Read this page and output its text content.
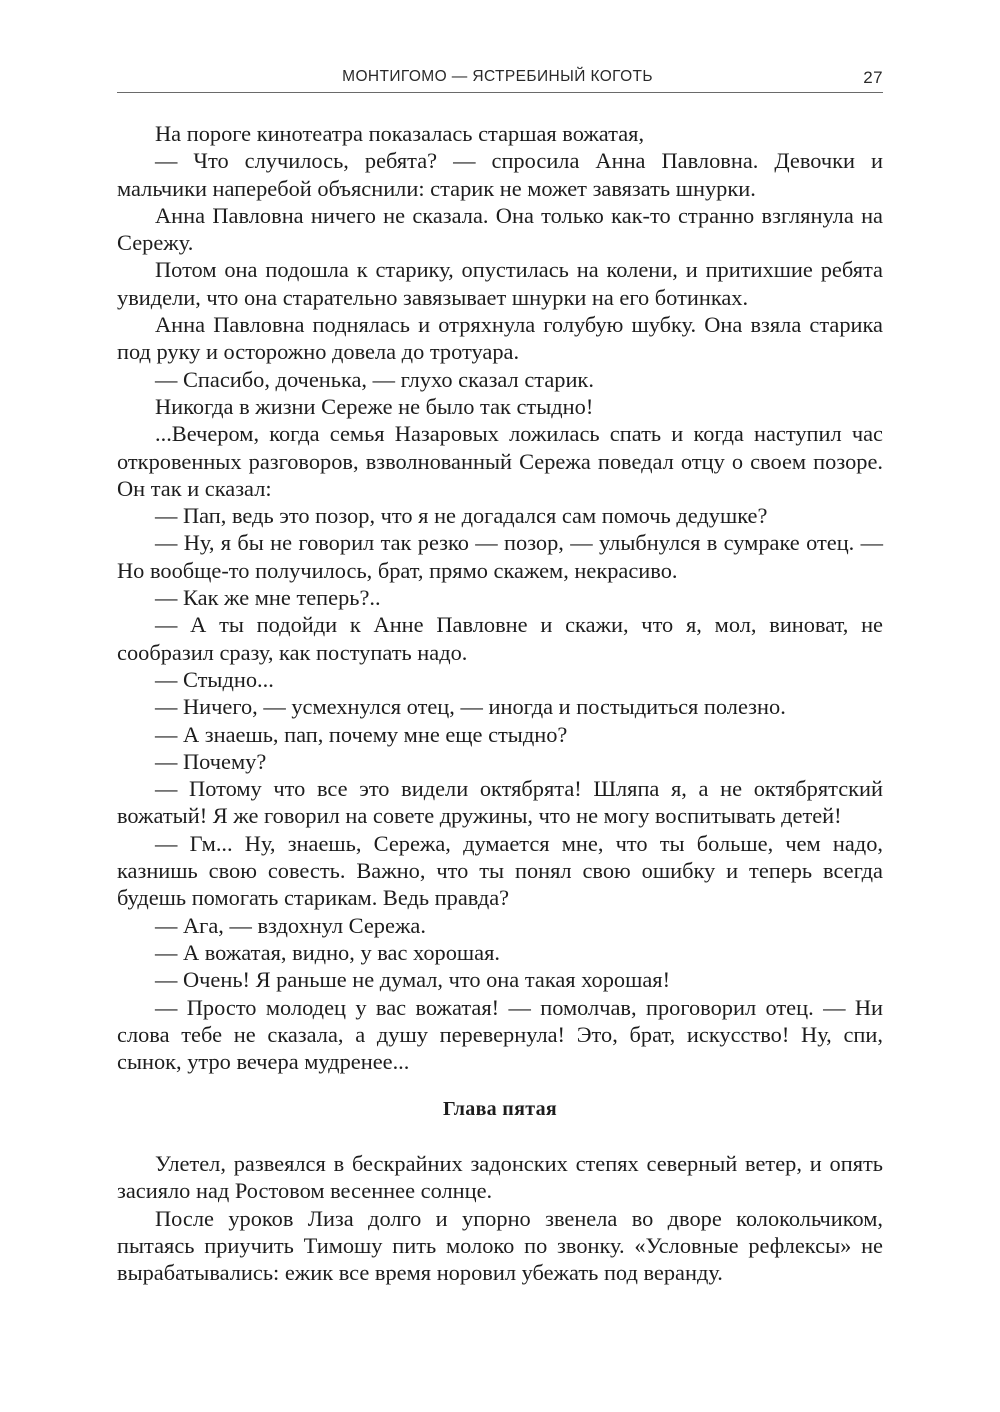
МОНТИГОМО — ЯСТРЕБИНЫЙ КОГОТЬ	27

На пороге кинотеатра показалась старшая вожатая,

— Что случилось, ребята? — спросила Анна Павловна. Девочки и мальчики наперебой объяснили: старик не может завязать шнурки.

Анна Павловна ничего не сказала. Она только как-то странно взглянула на Сережу.

Потом она подошла к старику, опустилась на колени, и притихшие ребята увидели, что она старательно завязывает шнурки на его ботинках.

Анна Павловна поднялась и отряхнула голубую шубку. Она взяла старика под руку и осторожно довела до тротуара.

— Спасибо, доченька, — глухо сказал старик.

Никогда в жизни Сереже не было так стыдно!

...Вечером, когда семья Назаровых ложилась спать и когда наступил час откровенных разговоров, взволнованный Сережа поведал отцу о своем позоре. Он так и сказал:

— Пап, ведь это позор, что я не догадался сам помочь дедушке?

— Ну, я бы не говорил так резко — позор, — улыбнулся в сумраке отец. — Но вообще-то получилось, брат, прямо скажем, некрасиво.

— Как же мне теперь?..

— А ты подойди к Анне Павловне и скажи, что я, мол, виноват, не сообразил сразу, как поступать надо.

— Стыдно...

— Ничего, — усмехнулся отец, — иногда и постыдиться полезно.

— А знаешь, пап, почему мне еще стыдно?

— Почему?

— Потому что все это видели октябрята! Шляпа я, а не октябрятский вожатый! Я же говорил на совете дружины, что не могу воспитывать детей!

— Гм... Ну, знаешь, Сережа, думается мне, что ты больше, чем надо, казнишь свою совесть. Важно, что ты понял свою ошибку и теперь всегда будешь помогать старикам. Ведь правда?

— Ага, — вздохнул Сережа.

— А вожатая, видно, у вас хорошая.

— Очень! Я раньше не думал, что она такая хорошая!

— Просто молодец у вас вожатая! — помолчав, проговорил отец. — Ни слова тебе не сказала, а душу перевернула! Это, брат, искусство! Ну, спи, сынок, утро вечера мудренее...

Глава пятая

Улетел, развеялся в бескрайних задонских степях северный ветер, и опять засияло над Ростовом весеннее солнце.

После уроков Лиза долго и упорно звенела во дворе колокольчиком, пытаясь приучить Тимошу пить молоко по звонку. «Условные рефлексы» не вырабатывались: ежик все время норовил убежать под веранду.
